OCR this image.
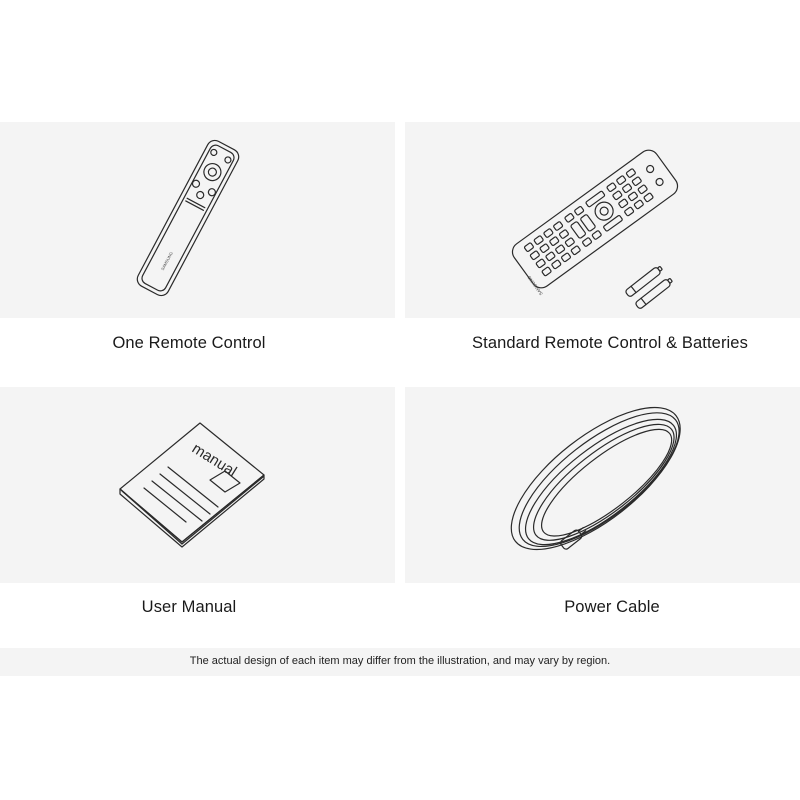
SAMSUNG
One Remote Control
SAMSUNG
Standard Remote Control & Batteries
manual
User Manual	Power Cable
The actual design of each item may differ from the illustration, and may vary by region.
